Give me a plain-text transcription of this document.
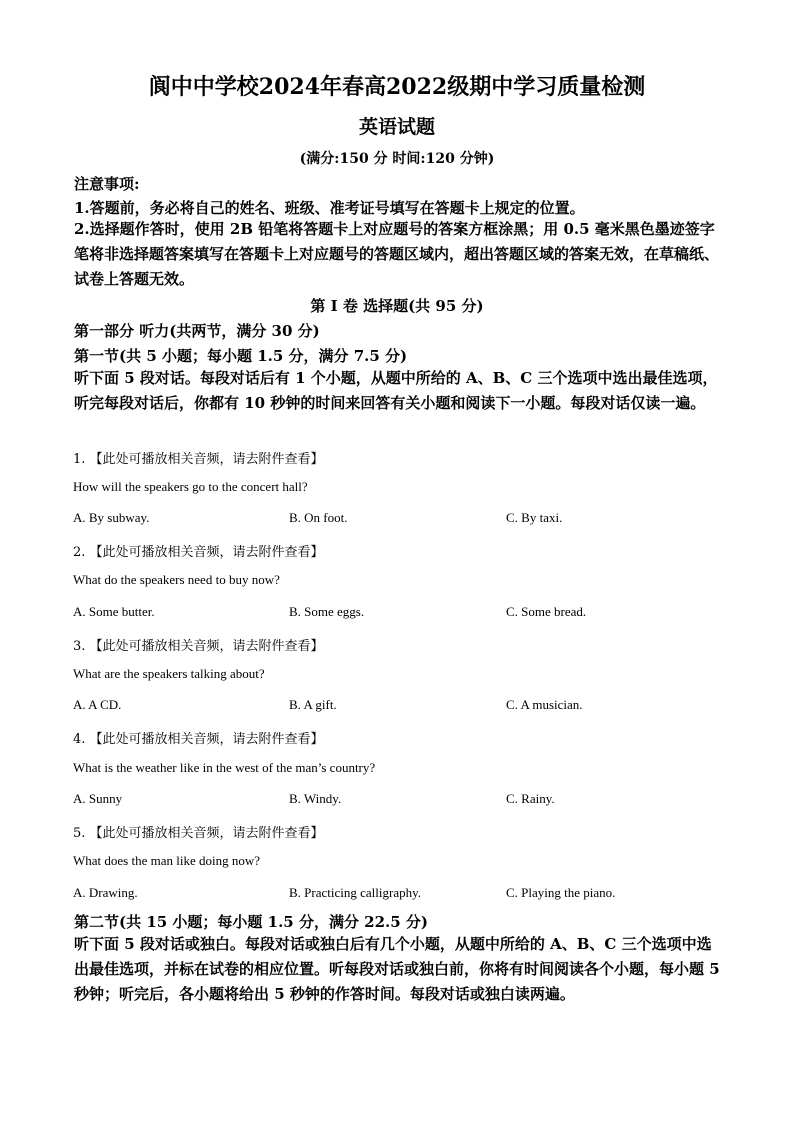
阆中中学校2024年春高2022级期中学习质量检测
英语试题
(满分:150 分 时间:120 分钟)
注意事项:
1.答题前，务必将自己的姓名、班级、准考证号填写在答题卡上规定的位置。
2.选择题作答时，使用 2B 铅笔将答题卡上对应题号的答案方框涂黑；用 0.5 毫米黑色墨迹签字笔将非选择题答案填写在答题卡上对应题号的答题区域内，超出答题区域的答案无效，在草稿纸、试卷上答题无效。
第 I 卷 选择题(共 95 分)
第一部分 听力(共两节，满分 30 分)
第一节(共 5 小题；每小题 1.5 分，满分 7.5 分)
听下面 5 段对话。每段对话后有 1 个小题，从题中所给的 A、B、C 三个选项中选出最佳选项，听完每段对话后，你都有 10 秒钟的时间来回答有关小题和阅读下一小题。每段对话仅读一遍。
1. 【此处可播放相关音频，请去附件查看】
How will the speakers go to the concert hall?
A. By subway.	B. On foot.	C. By taxi.
2. 【此处可播放相关音频，请去附件查看】
What do the speakers need to buy now?
A. Some butter.	B. Some eggs.	C. Some bread.
3. 【此处可播放相关音频，请去附件查看】
What are the speakers talking about?
A. A CD.	B. A gift.	C. A musician.
4. 【此处可播放相关音频，请去附件查看】
What is the weather like in the west of the man’s country?
A. Sunny	B. Windy.	C. Rainy.
5. 【此处可播放相关音频，请去附件查看】
What does the man like doing now?
A. Drawing.	B. Practicing calligraphy.	C. Playing the piano.
第二节(共 15 小题；每小题 1.5 分，满分 22.5 分)
听下面 5 段对话或独白。每段对话或独白后有几个小题，从题中所给的 A、B、C 三个选项中选出最佳选项，并标在试卷的相应位置。听每段对话或独白前，你将有时间阅读各个小题，每小题 5 秒钟；听完后，各小题将给出 5 秒钟的作答时间。每段对话或独白读两遍。
